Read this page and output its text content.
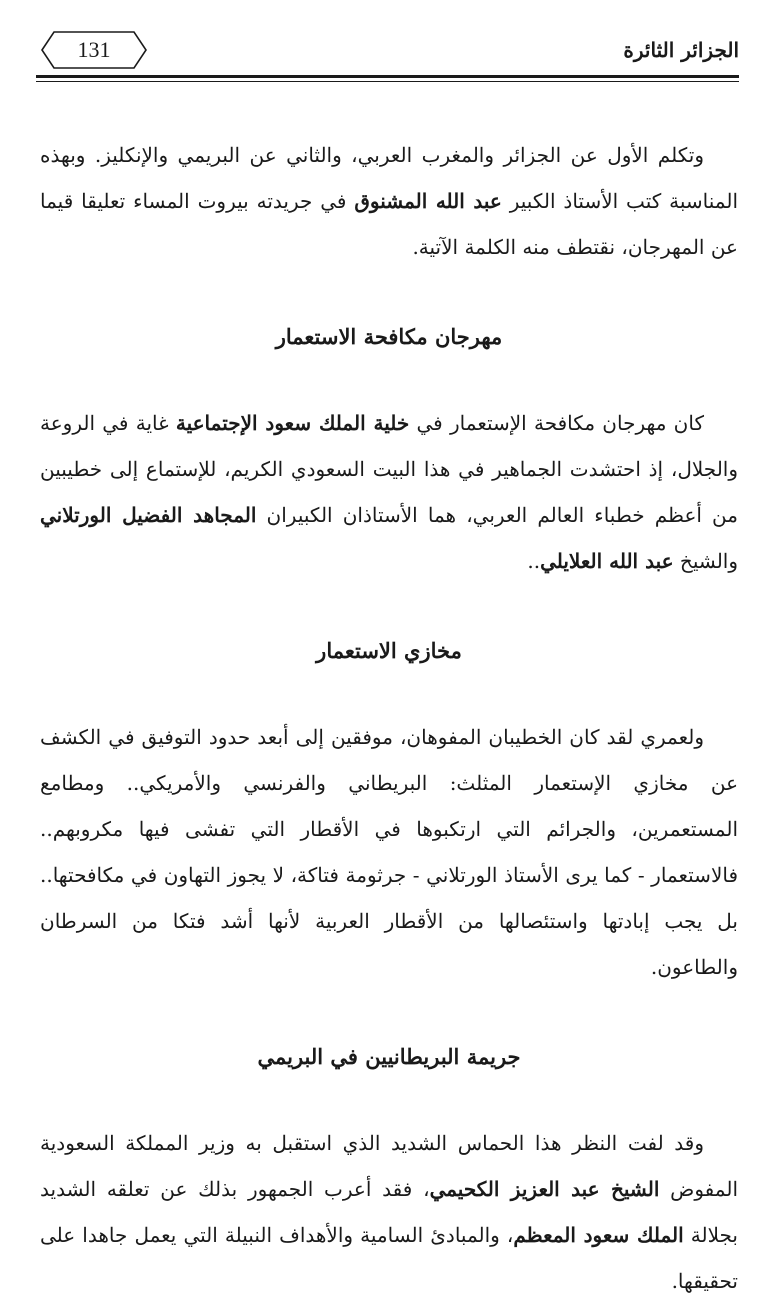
131	الجزائر الثائرة

وتكلم الأول عن الجزائر والمغرب العربي، والثاني عن البريمي والإنكليز. وبهذه المناسبة كتب الأستاذ الكبير عبد الله المشنوق في جريدته بيروت المساء تعليقا قيما عن المهرجان، نقتطف منه الكلمة الآتية.

مهرجان مكافحة الاستعمار

كان مهرجان مكافحة الإستعمار في خلية الملك سعود الإجتماعية غاية في الروعة والجلال، إذ احتشدت الجماهير في هذا البيت السعودي الكريم، للإستماع إلى خطيبين من أعظم خطباء العالم العربي، هما الأستاذان الكبيران المجاهد الفضيل الورتلاني والشيخ عبد الله العلايلي..

مخازي الاستعمار

ولعمري لقد كان الخطيبان المفوهان، موفقين إلى أبعد حدود التوفيق في الكشف عن مخازي الإستعمار المثلث: البريطاني والفرنسي والأمريكي.. ومطامع المستعمرين، والجرائم التي ارتكبوها في الأقطار التي تفشى فيها مكروبهم.. فالاستعمار - كما يرى الأستاذ الورتلاني - جرثومة فتاكة، لا يجوز التهاون في مكافحتها.. بل يجب إبادتها واستئصالها من الأقطار العربية لأنها أشد فتكا من السرطان والطاعون.

جريمة البريطانيين في البريمي

وقد لفت النظر هذا الحماس الشديد الذي استقبل به وزير المملكة السعودية المفوض الشيخ عبد العزيز الكحيمي، فقد أعرب الجمهور بذلك عن تعلقه الشديد بجلالة الملك سعود المعظم، والمبادئ السامية والأهداف النبيلة التي يعمل جاهدا على تحقيقها.
